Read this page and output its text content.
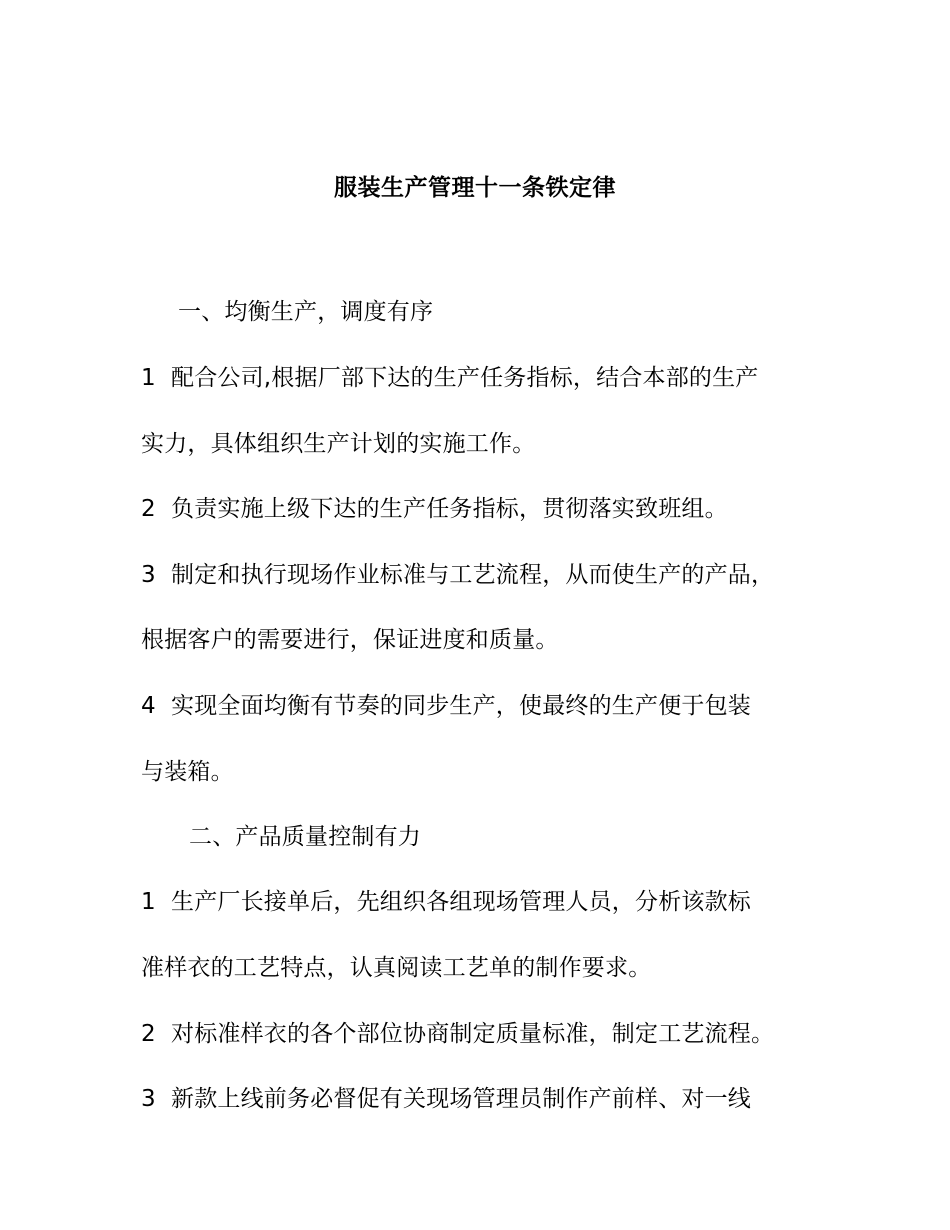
服装生产管理十一条铁定律
一、均衡生产，调度有序
1 配合公司,根据厂部下达的生产任务指标，结合本部的生产
实力，具体组织生产计划的实施工作。
2 负责实施上级下达的生产任务指标，贯彻落实致班组。
3 制定和执行现场作业标准与工艺流程，从而使生产的产品，
根据客户的需要进行，保证进度和质量。
4 实现全面均衡有节奏的同步生产，使最终的生产便于包装
与装箱。
二、产品质量控制有力
1 生产厂长接单后，先组织各组现场管理人员，分析该款标
准样衣的工艺特点，认真阅读工艺单的制作要求。
2 对标准样衣的各个部位协商制定质量标准，制定工艺流程。
3 新款上线前务必督促有关现场管理员制作产前样、对一线
